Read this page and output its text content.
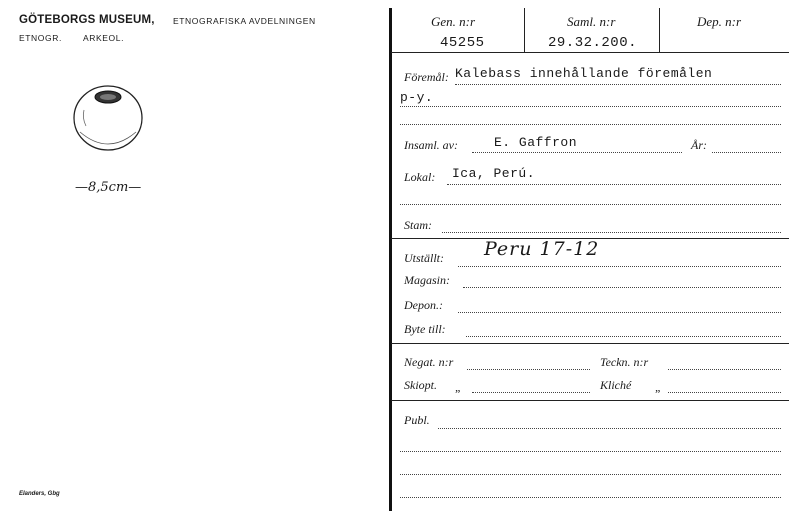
GÖTEBORGS MUSEUM, ETNOGRAFISKA AVDELNINGEN
ETNOGR. ARKEOL.
—8,5cm—
Elanders, Gbg
Gen. n:r
45255
Saml. n:r
29.32.200.
Dep. n:r
Föremål: Kalebass innehållande föremålen
p-y.
Insaml. av:	E. Gaffron	År:
Lokal: Ica, Perú.
Stam:
Utställt: Peru 17-12
Magasin:
Depon.:
Byte till:
Negat. n:r	Teckn. n:r
Skiopt. „	Kliché „
Publ.
